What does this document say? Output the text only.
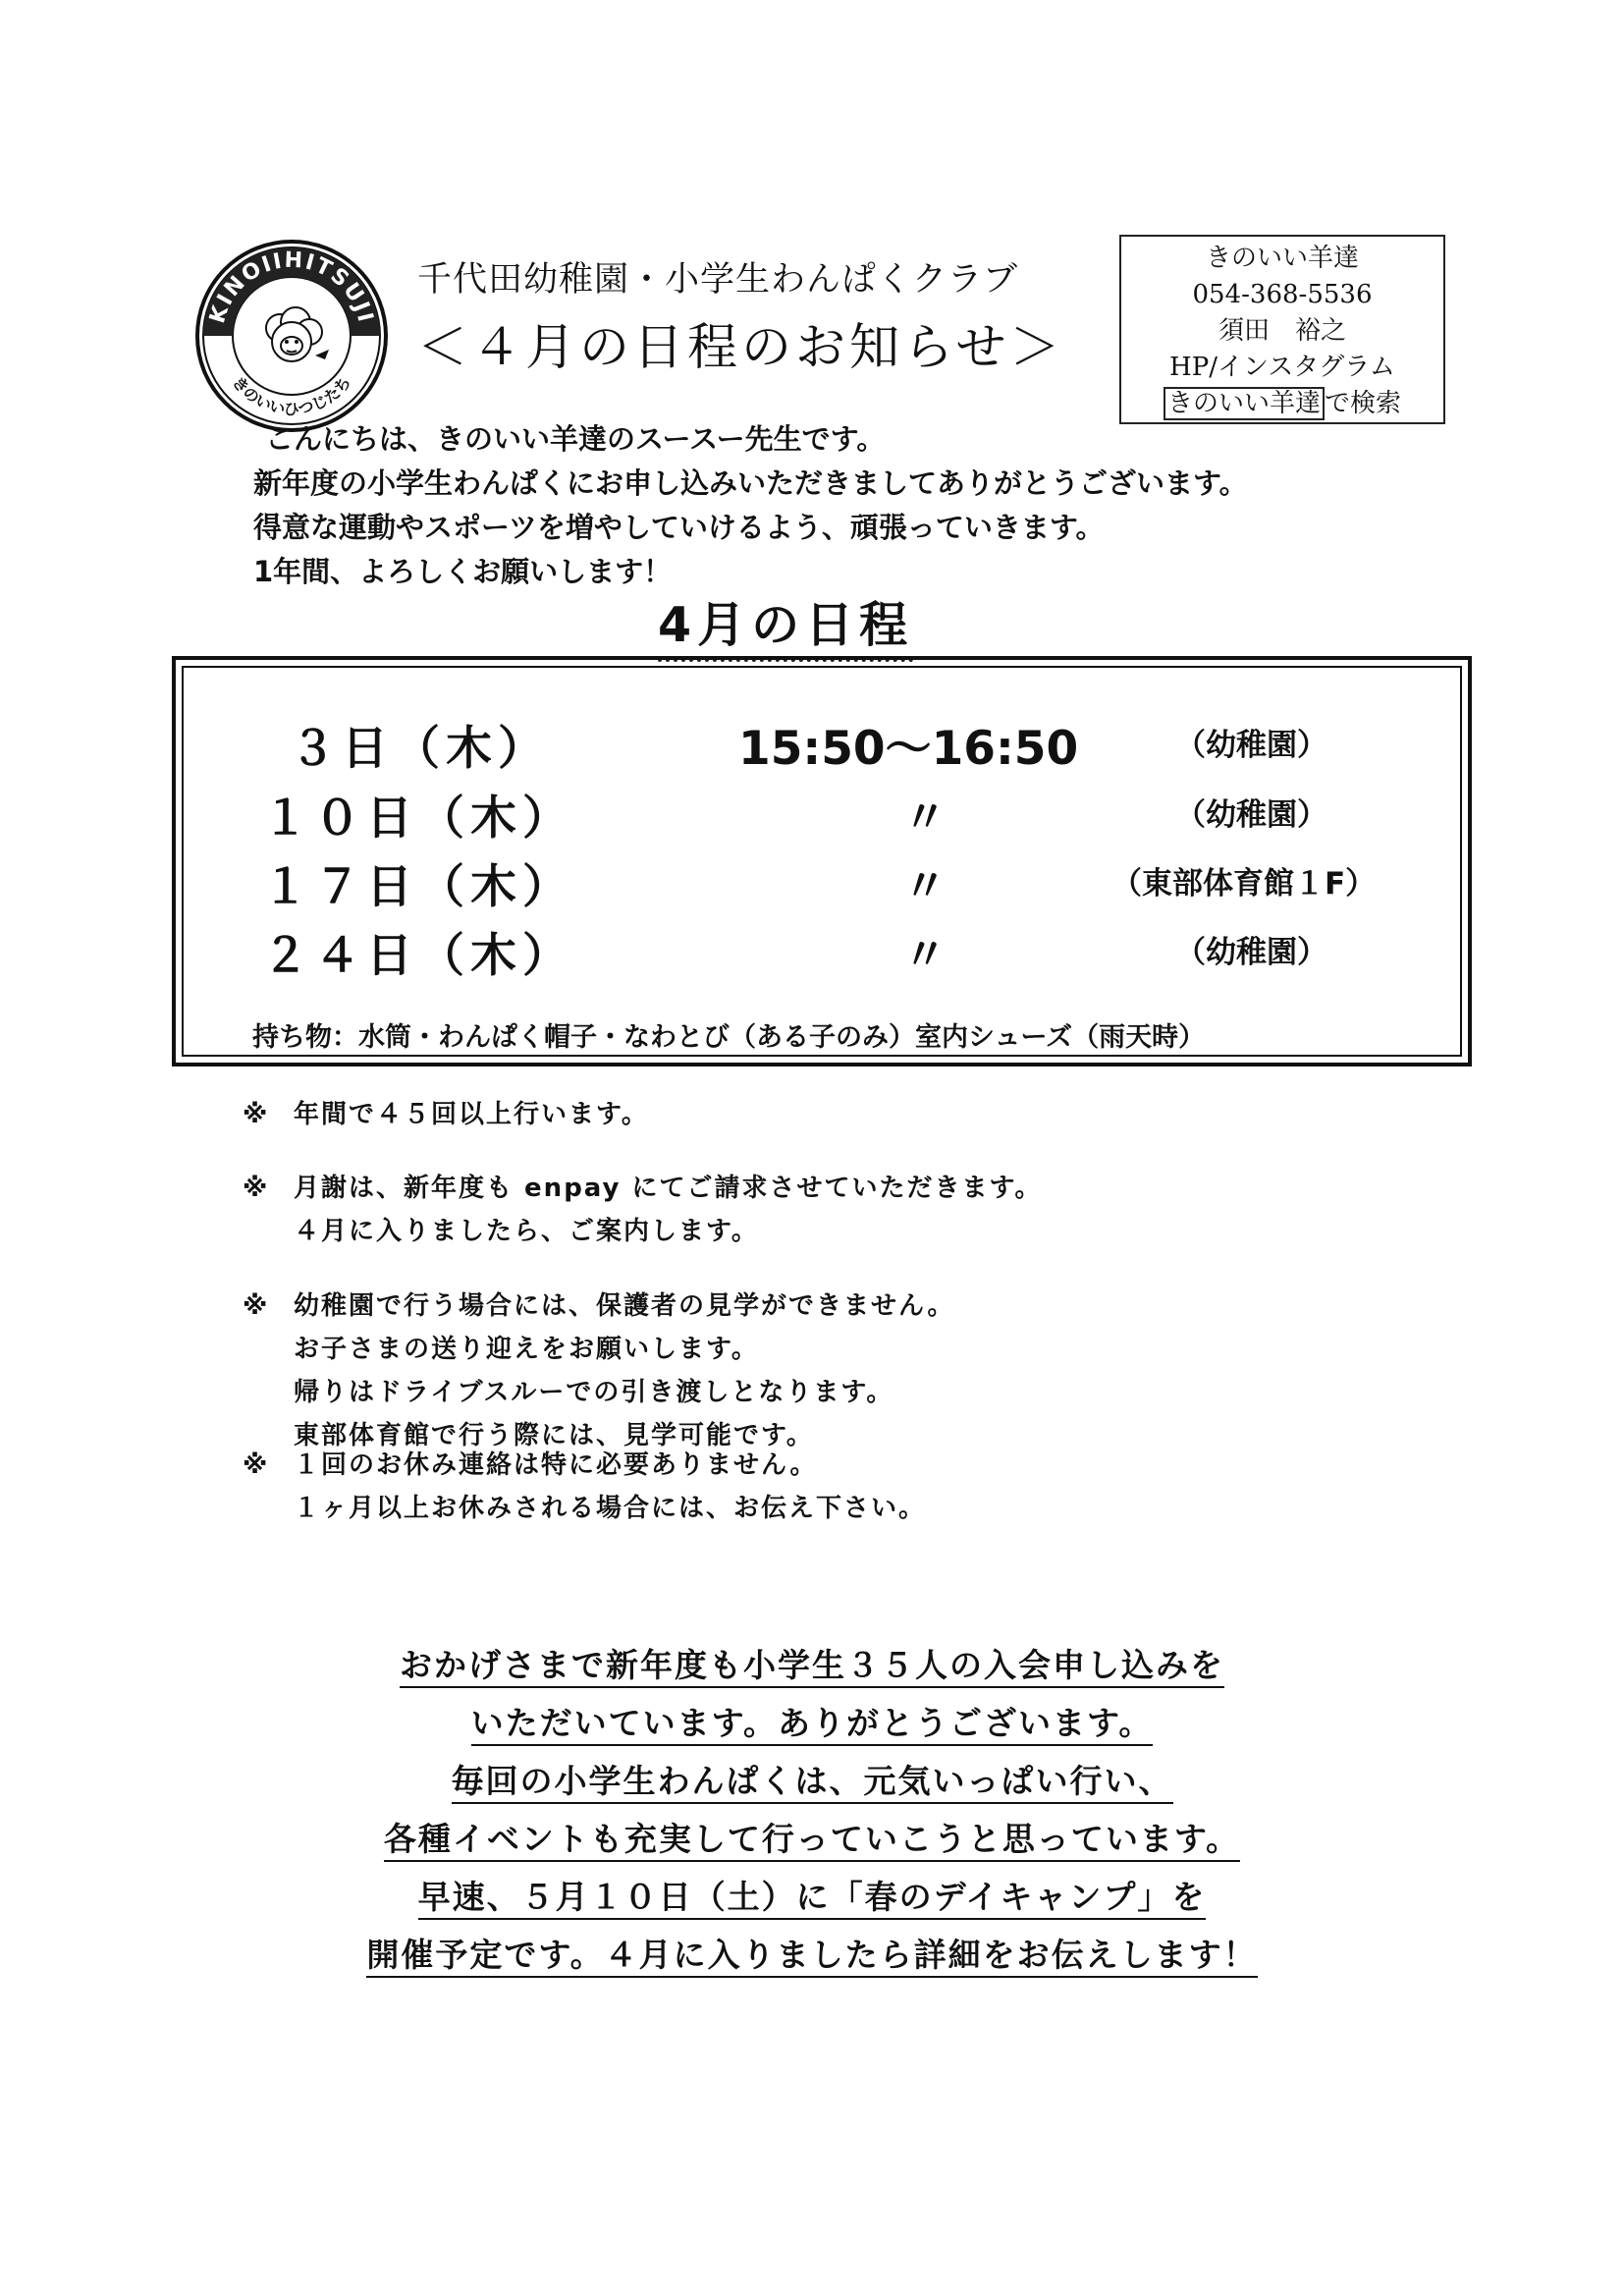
KINOIIHITSUJI
きのいいひつじたち
千代田幼稚園・小学生わんぱくクラブ
＜４月の日程のお知らせ＞
きのいい羊達
054-368-5536
須田　裕之
HP/インスタグラム
きのいい羊達 で検索
こんにちは、きのいい羊達のスースー先生です。
新年度の小学生わんぱくにお申し込みいただきましてありがとうございます。
得意な運動やスポーツを増やしていけるよう、頑張っていきます。
1年間、よろしくお願いします！
4月の日程
３日（木）	15:50～16:50	（幼稚園）
１０日（木）	〃	（幼稚園）
１７日（木）	〃	（東部体育館１F）
２４日（木）	〃	（幼稚園）
持ち物：水筒・わんぱく帽子・なわとび（ある子のみ）室内シューズ（雨天時）
※ 年間で４５回以上行います。
※ 月謝は、新年度も enpay にてご請求させていただきます。
４月に入りましたら、ご案内します。
※ 幼稚園で行う場合には、保護者の見学ができません。
お子さまの送り迎えをお願いします。
帰りはドライブスルーでの引き渡しとなります。
東部体育館で行う際には、見学可能です。
※ １回のお休み連絡は特に必要ありません。
１ヶ月以上お休みされる場合には、お伝え下さい。
おかげさまで新年度も小学生３５人の入会申し込みを
いただいています。ありがとうございます。
毎回の小学生わんぱくは、元気いっぱい行い、
各種イベントも充実して行っていこうと思っています。
早速、５月１０日（土）に「春のデイキャンプ」を
開催予定です。４月に入りましたら詳細をお伝えします！
